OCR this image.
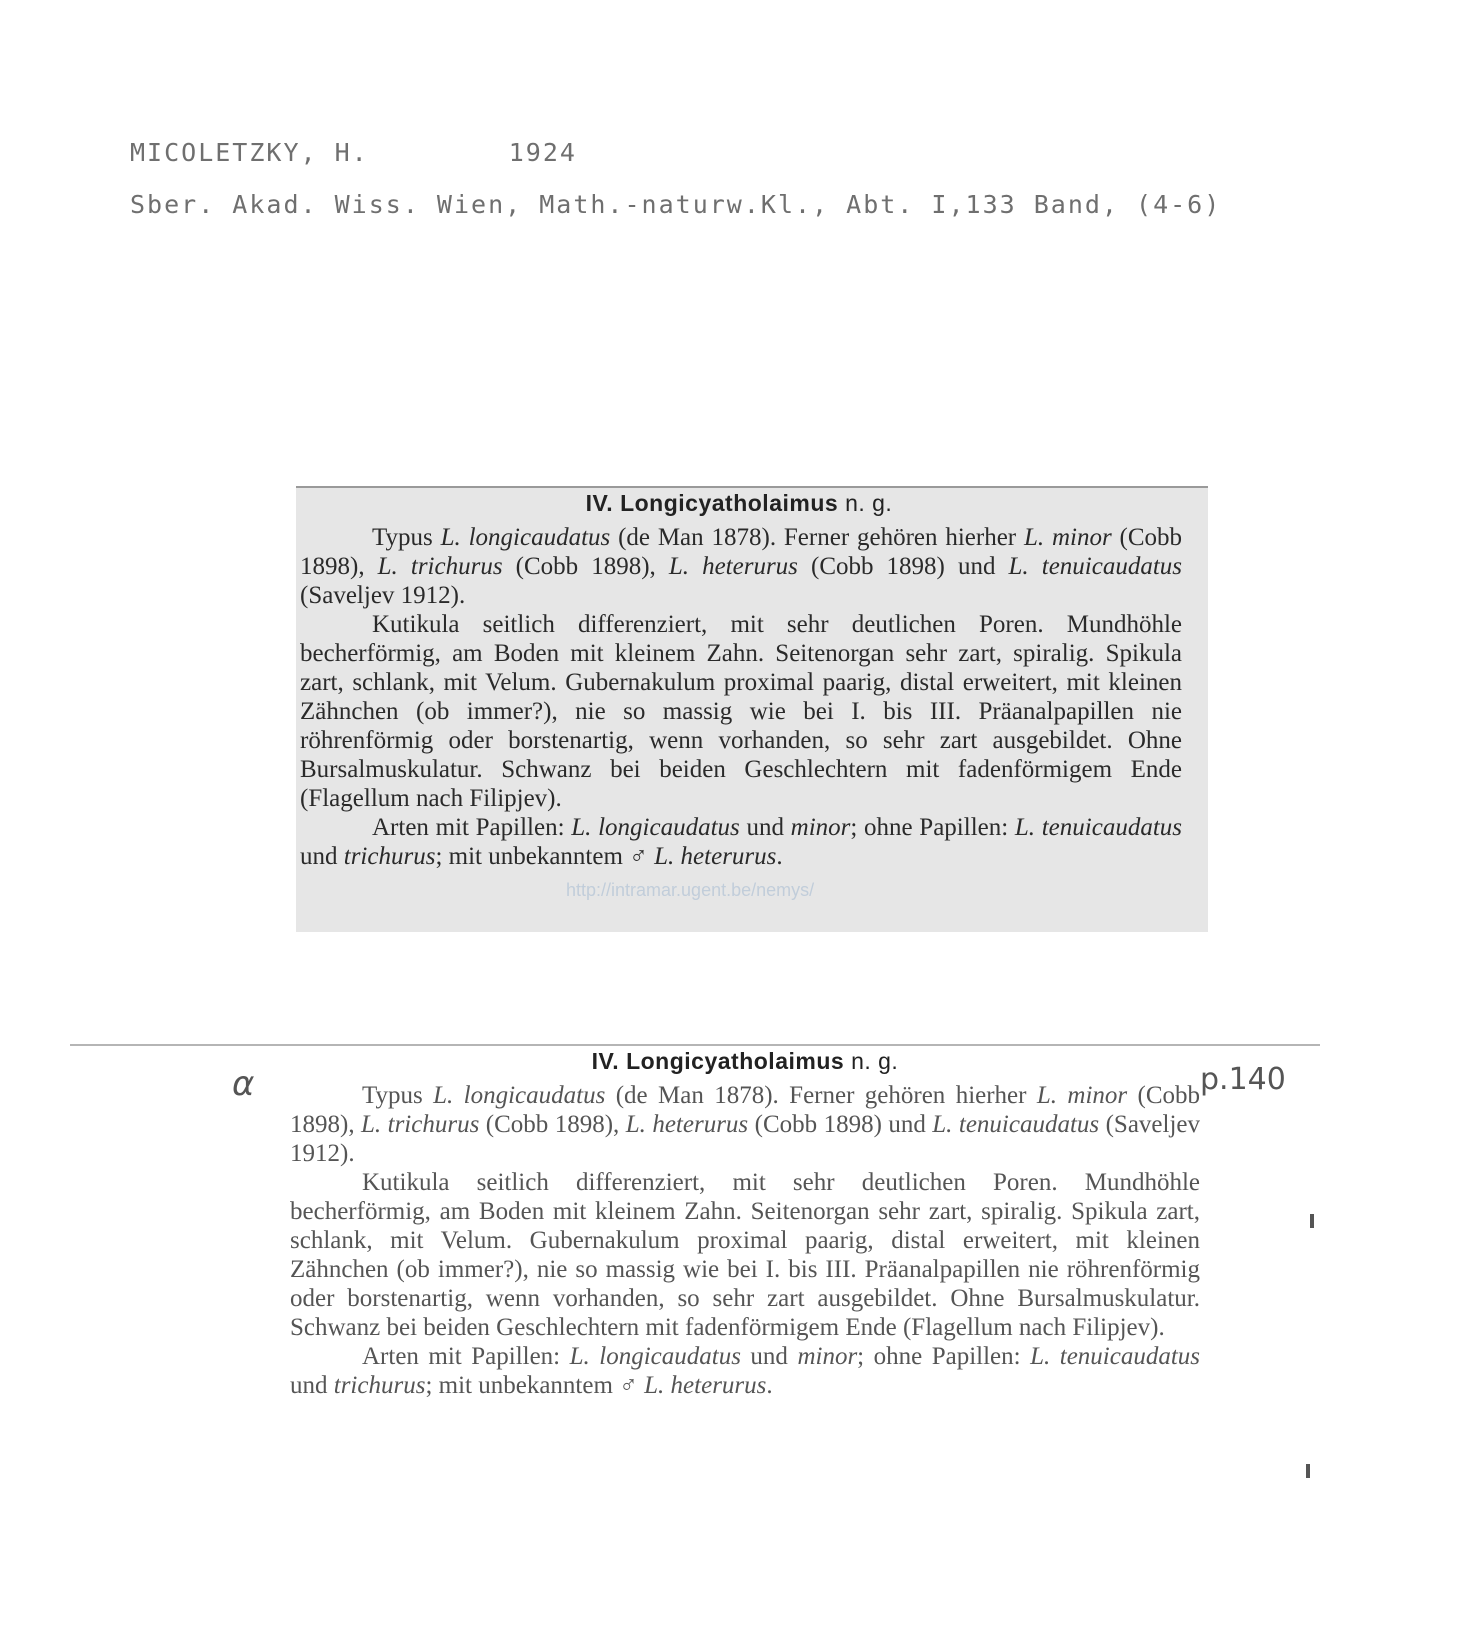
MICOLETZKY, H.	1924
Sber. Akad. Wiss. Wien, Math.-naturw.Kl., Abt. I,133 Band, (4-6)
IV. Longicyatholaimus n. g.

Typus L. longicaudatus (de Man 1878). Ferner gehören hierher L. minor (Cobb 1898), L. trichurus (Cobb 1898), L. heterurus (Cobb 1898) und L. tenuicaudatus (Saveljev 1912).

Kutikula seitlich differenziert, mit sehr deutlichen Poren. Mundhöhle becherförmig, am Boden mit kleinem Zahn. Seitenorgan sehr zart, spiralig. Spikula zart, schlank, mit Velum. Gubernakulum proximal paarig, distal erweitert, mit kleinen Zähnchen (ob immer?), nie so massig wie bei I. bis III. Präanalpapillen nie röhrenförmig oder borstenartig, wenn vorhanden, so sehr zart ausgebildet. Ohne Bursalmuskulatur. Schwanz bei beiden Geschlechtern mit fadenförmigem Ende (Flagellum nach Filipjev).

Arten mit Papillen: L. longicaudatus und minor; ohne Papillen: L. tenuicaudatus und trichurus; mit unbekanntem ♂ L. heterurus.

http://intramar.ugent.be/nemys/
IV. Longicyatholaimus n. g.

Typus L. longicaudatus (de Man 1878). Ferner gehören hierher L. minor (Cobb 1898), L. trichurus (Cobb 1898), L. heterurus (Cobb 1898) und L. tenuicaudatus (Saveljev 1912).

Kutikula seitlich differenziert, mit sehr deutlichen Poren. Mundhöhle becherförmig, am Boden mit kleinem Zahn. Seitenorgan sehr zart, spiralig. Spikula zart, schlank, mit Velum. Gubernakulum proximal paarig, distal erweitert, mit kleinen Zähnchen (ob immer?), nie so massig wie bei I. bis III. Präanalpapillen nie röhrenförmig oder borstenartig, wenn vorhanden, so sehr zart ausgebildet. Ohne Bursalmuskulatur. Schwanz bei beiden Geschlechtern mit fadenförmigem Ende (Flagellum nach Filipjev).

Arten mit Papillen: L. longicaudatus und minor; ohne Papillen: L. tenuicaudatus und trichurus; mit unbekanntem ♂ L. heterurus.

α	p.140
